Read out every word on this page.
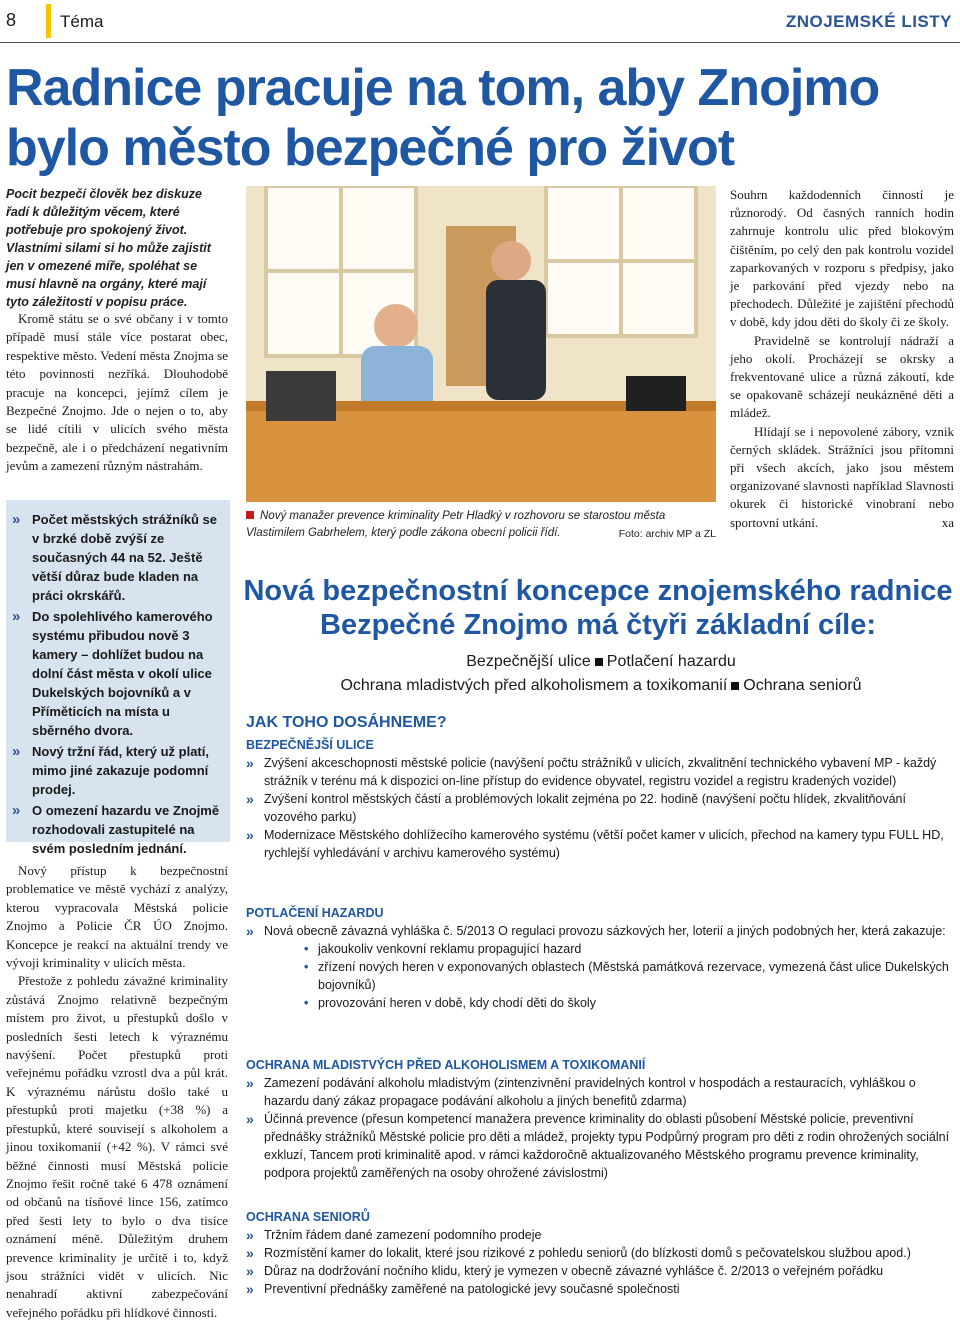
8	Téma	ZNOJEMSKÉ LISTY
Radnice pracuje na tom, aby Znojmo bylo město bezpečné pro život

Pocit bezpečí člověk bez diskuze řadí k důležitým věcem, které potřebuje pro spokojený život. Vlastními silami si ho může zajistit jen v omezené míře, spoléhat se musí hlavně na orgány, které mají tyto záležitosti v popisu práce.

Kromě státu se o své občany i v tomto případě musí stále více postarat obec, respektive město. Vedení města Znojma se této povinnosti nezříká. Dlouhodobě pracuje na koncepci, jejímž cílem je Bezpečné Znojmo. Jde o nejen o to, aby se lidé cítili v ulicích svého města bezpečně, ale i o předcházení negativním jevům a zamezení různým nástrahám.

»	Počet městských strážníků se v brzké době zvýší ze současných 44 na 52. Ještě větší důraz bude kladen na práci okrskářů.
»	Do spolehlivého kamerového systému přibudou nově 3 kamery – dohlížet budou na dolní část města v okolí ulice Dukelských bojovníků a v Příměticích na místa u sběrného dvora.
»	Nový tržní řád, který už platí, mimo jiné zakazuje podomní prodej.
»	O omezení hazardu ve Znojmě rozhodovali zastupitelé na svém posledním jednání.

Nový přístup k bezpečnostní problematice ve městě vychází z analýzy, kterou vypracovala Městská policie Znojmo a Policie ČR ÚO Znojmo. Koncepce je reakcí na aktuální trendy ve vývoji kriminality v ulicích města.

Přestože z pohledu závažné kriminality zůstává Znojmo relativně bezpečným místem pro život, u přestupků došlo v posledních šesti letech k výraznému navýšení. Počet přestupků proti veřejnému pořádku vzrostl dva a půl krát. K výraznému nárůstu došlo také u přestupků proti majetku (+38 %) a přestupků, které souvisejí s alkoholem a jinou toxikomanií (+42 %). V rámci své běžné činnosti musí Městská policie Znojmo řešit ročně také 6 478 oznámení od občanů na tísňové lince 156, zatímco před šesti lety to bylo o dva tisíce oznámení méně. Důležitým druhem prevence kriminality je určitě i to, když jsou strážníci vidět v ulicích. Nic nenahradí aktivní zabezpečování veřejného pořádku při hlídkové činnosti.

Nový manažer prevence kriminality Petr Hladký v rozhovoru se starostou města Vlastimilem Gabrhelem, který podle zákona obecní policii řídí.	Foto: archiv MP a ZL

Souhrn každodenních činností je různorodý. Od časných ranních hodin zahrnuje kontrolu ulic před blokovým čištěním, po celý den pak kontrolu vozidel zaparkovaných v rozporu s předpisy, jako je parkování před vjezdy nebo na přechodech. Důležité je zajištění přechodů v době, kdy jdou děti do školy či ze školy.

Pravidelně se kontrolují nádraží a jeho okolí. Procházejí se okrsky a frekventované ulice a různá zákoutí, kde se opakovaně scházejí neukázněné děti a mládež.

Hlídají se i nepovolené zábory, vznik černých skládek. Strážníci jsou přítomni při všech akcích, jako jsou městem organizované slavnosti například Slavnosti okurek či historické vinobraní nebo sportovní utkání.	xa

Nová bezpečnostní koncepce znojemského radnice
Bezpečné Znojmo má čtyři základní cíle:
Bezpečnější ulice Potlačení hazardu
Ochrana mladistvých před alkoholismem a toxikomanií Ochrana seniorů
JAK TOHO DOSÁHNEME?
BEZPEČNĚJŠÍ ULICE
»	Zvýšení akceschopnosti městské policie (navýšení počtu strážníků v ulicích, zkvalitnění technického vybavení MP - každý strážník v terénu má k dispozici on-line přístup do evidence obyvatel, registru vozidel a registru kradených vozidel)
»	Zvýšení kontrol městských částí a problémových lokalit zejména po 22. hodině (navýšení počtu hlídek, zkvalitňování vozového parku)
»	Modernizace Městského dohlížecího kamerového systému (větší počet kamer v ulicích, přechod na kamery typu FULL HD, rychlejší vyhledávání v archivu kamerového systému)
POTLAČENÍ HAZARDU
»	Nová obecně závazná vyhláška č. 5/2013 O regulaci provozu sázkových her, loterií a jiných podobných her, která zakazuje:
• jakoukoliv venkovní reklamu propagující hazard
• zřízení nových heren v exponovaných oblastech (Městská památková rezervace, vymezená část ulice Dukelských bojovníků)
• provozování heren v době, kdy chodí děti do školy
OCHRANA MLADISTVÝCH PŘED ALKOHOLISMEM A TOXIKOMANIÍ
»	Zamezení podávání alkoholu mladistvým (zintenzivnění pravidelných kontrol v hospodách a restauracích, vyhláškou o hazardu daný zákaz propagace podávání alkoholu a jiných benefitů zdarma)
»	Účinná prevence (přesun kompetencí manažera prevence kriminality do oblasti působení Městské policie, preventivní přednášky strážníků Městské policie pro děti a mládež, projekty typu Podpůrný program pro děti z rodin ohrožených sociální exkluzí, Tancem proti kriminalitě apod. v rámci každoročně aktualizovaného Městského programu prevence kriminality, podpora projektů zaměřených na osoby ohrožené závislostmi)
OCHRANA SENIORŮ
»	Tržním řádem dané zamezení podomního prodeje
»	Rozmístění kamer do lokalit, které jsou rizikové z pohledu seniorů (do blízkosti domů s pečovatelskou službou apod.)
»	Důraz na dodržování nočního klidu, který je vymezen v obecně závazné vyhlášce č. 2/2013 o veřejném pořádku
»	Preventivní přednášky zaměřené na patologické jevy současné společnosti
